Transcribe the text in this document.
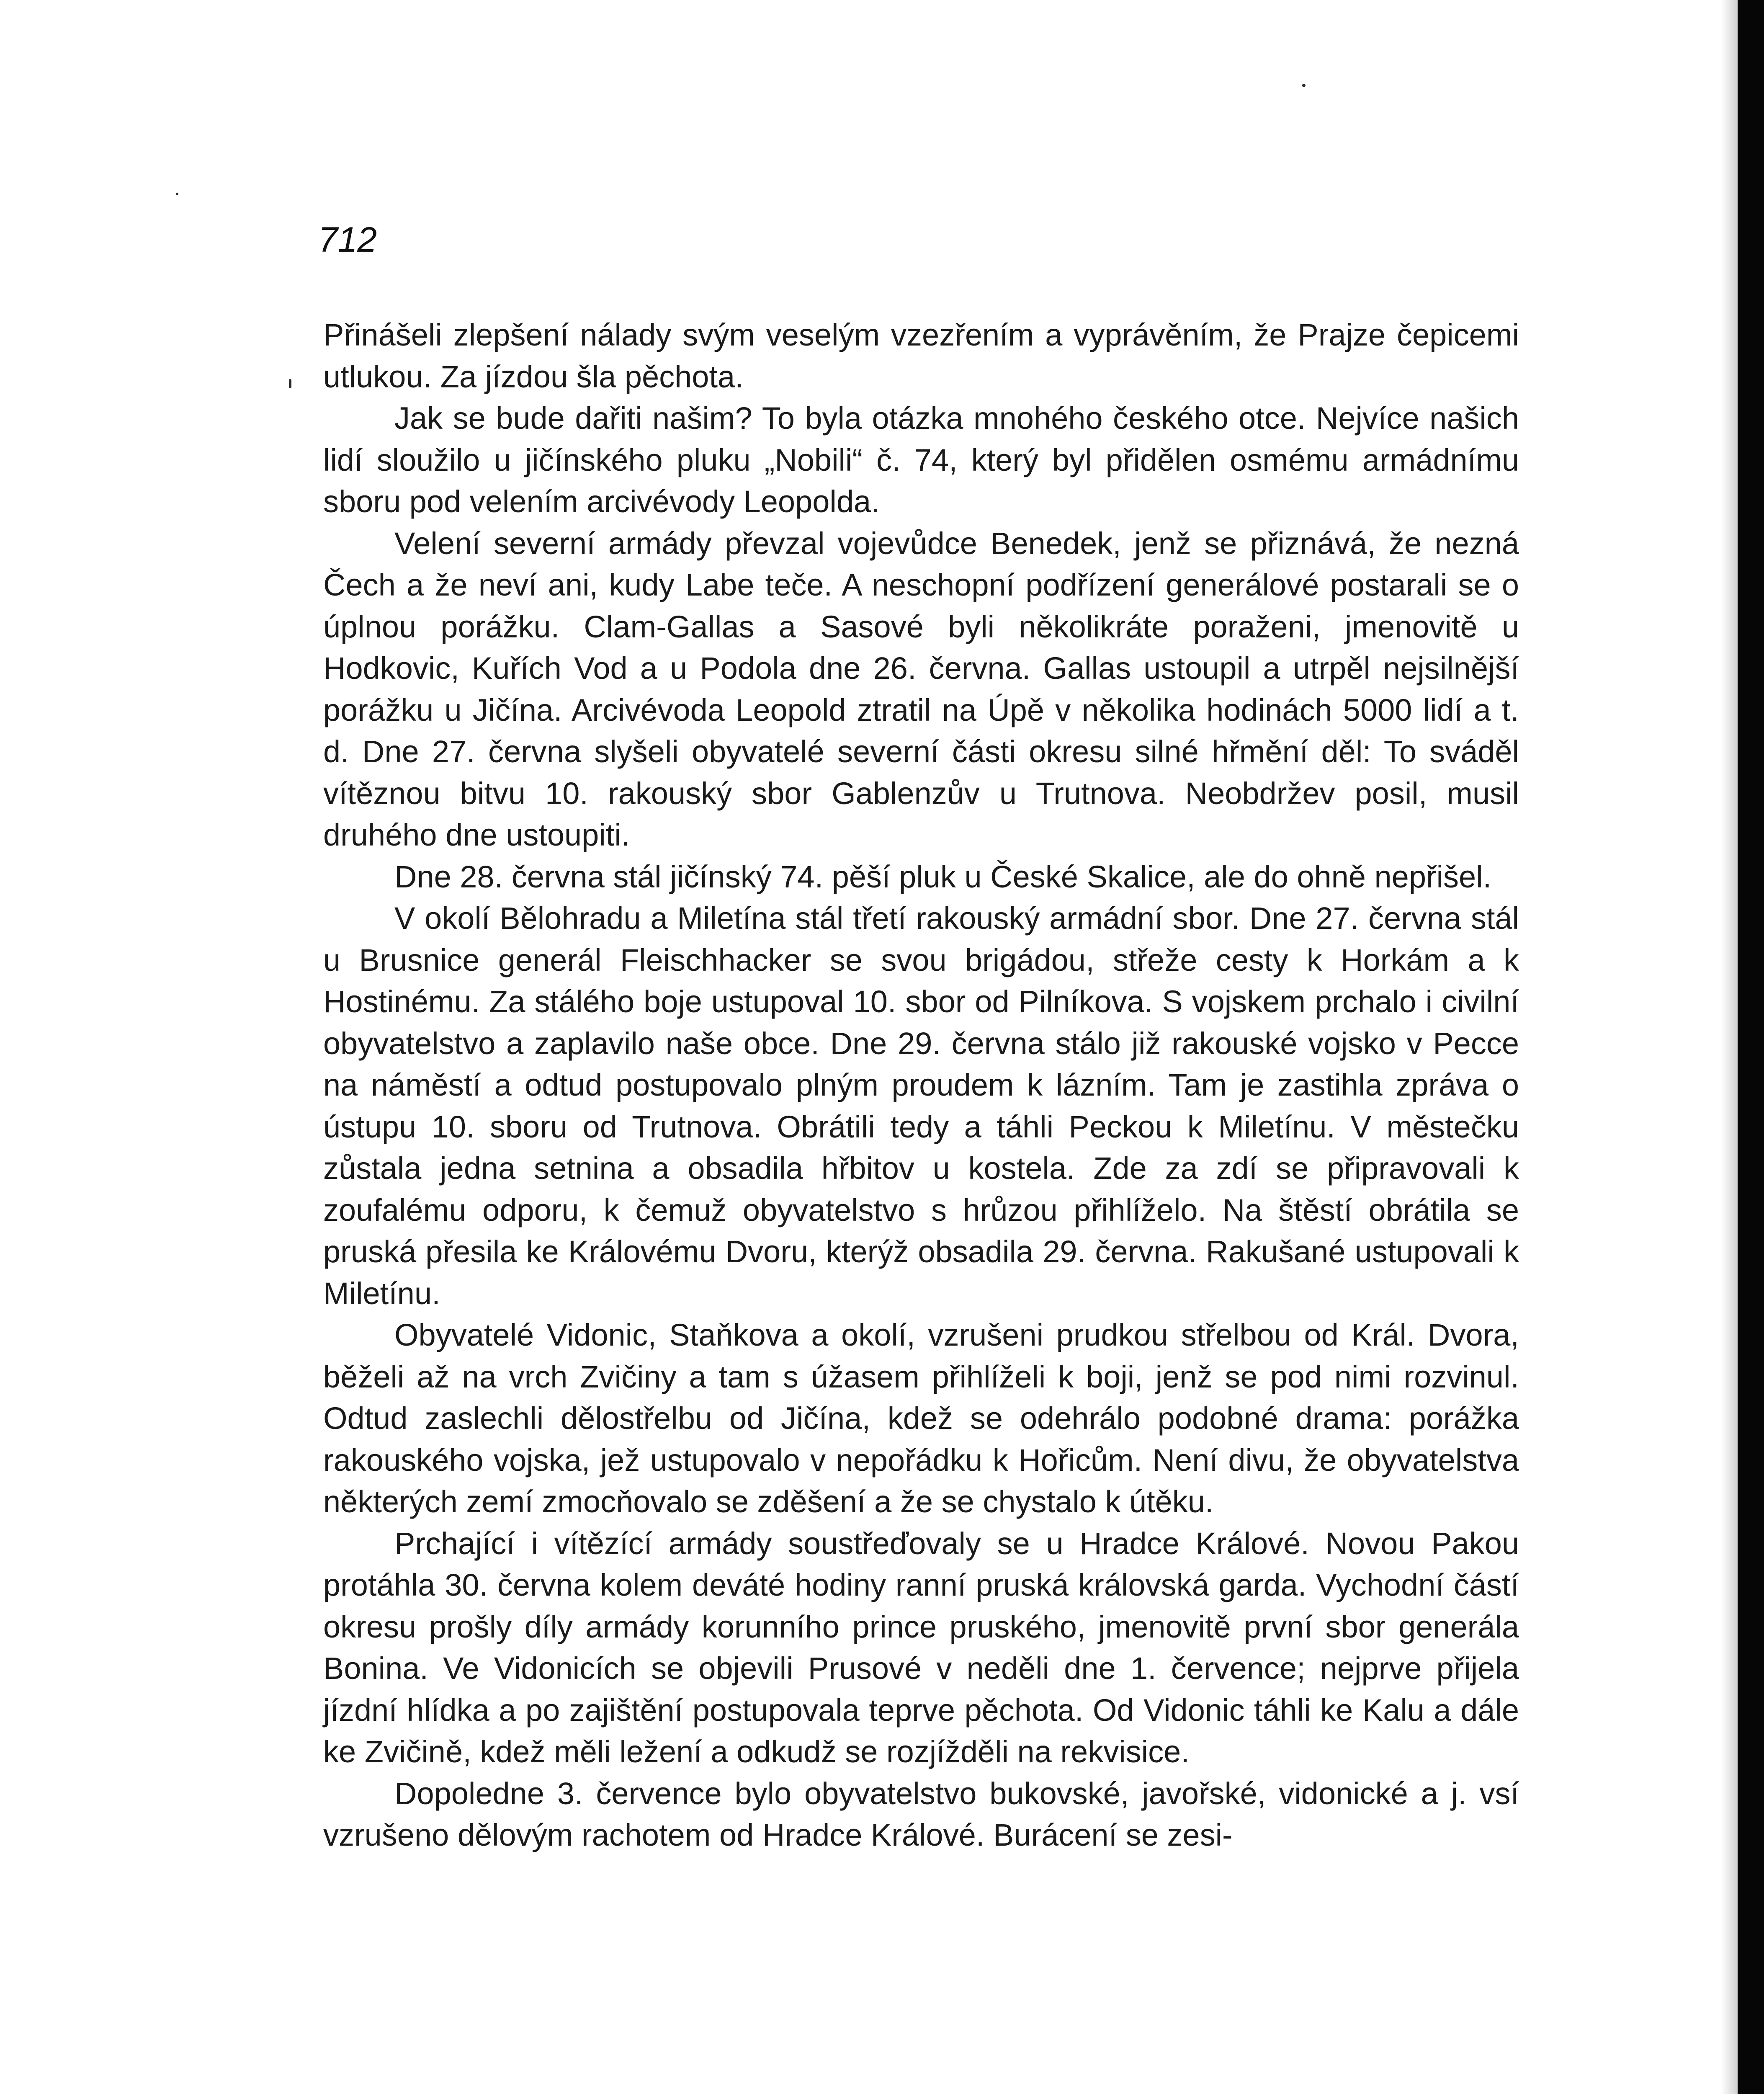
712

Přinášeli zlepšení nálady svým veselým vzezřením a vyprávěním, že Prajze čepicemi utlukou. Za jízdou šla pěchota.

Jak se bude dařiti našim? To byla otázka mnohého českého otce. Nejvíce našich lidí sloužilo u jičínského pluku „Nobili“ č. 74, který byl přidělen osmému armádnímu sboru pod velením arcivévody Leopolda.

Velení severní armády převzal vojevůdce Benedek, jenž se přiznává, že nezná Čech a že neví ani, kudy Labe teče. A neschopní podřízení generálové postarali se o úplnou porážku. Clam-Gallas a Sasové byli několikráte poraženi, jmenovitě u Hodkovic, Kuřích Vod a u Podola dne 26. června. Gallas ustoupil a utrpěl nejsilnější porážku u Jičína. Arcivévoda Leopold ztratil na Úpě v několika hodinách 5000 lidí a t. d. Dne 27. června slyšeli obyvatelé severní části okresu silné hřmění děl: To sváděl vítěznou bitvu 10. rakouský sbor Gablenzův u Trutnova. Neobdržev posil, musil druhého dne ustoupiti.

Dne 28. června stál jičínský 74. pěší pluk u České Skalice, ale do ohně nepřišel.

V okolí Bělohradu a Miletína stál třetí rakouský armádní sbor. Dne 27. června stál u Brusnice generál Fleischhacker se svou brigádou, střeže cesty k Horkám a k Hostinému. Za stálého boje ustupoval 10. sbor od Pilníkova. S vojskem prchalo i civilní obyvatelstvo a zaplavilo naše obce. Dne 29. června stálo již rakouské vojsko v Pecce na náměstí a odtud postupovalo plným proudem k lázním. Tam je zastihla zpráva o ústupu 10. sboru od Trutnova. Obrátili tedy a táhli Peckou k Miletínu. V městečku zůstala jedna setnina a obsadila hřbitov u kostela. Zde za zdí se připravovali k zoufalému odporu, k čemuž obyvatelstvo s hrůzou přihlíželo. Na štěstí obrátila se pruská přesila ke Královému Dvoru, kterýž obsadila 29. června. Rakušané ustupovali k Miletínu.

Obyvatelé Vidonic, Staňkova a okolí, vzrušeni prudkou střelbou od Král. Dvora, běželi až na vrch Zvičiny a tam s úžasem přihlíželi k boji, jenž se pod nimi rozvinul. Odtud zaslechli dělostřelbu od Jičína, kdež se odehrálo podobné drama: porážka rakouského vojska, jež ustupovalo v nepořádku k Hořicům. Není divu, že obyvatelstva některých zemí zmocňovalo se zděšení a že se chystalo k útěku.

Prchající i vítězící armády soustřeďovaly se u Hradce Králové. Novou Pakou protáhla 30. června kolem deváté hodiny ranní pruská královská garda. Vychodní částí okresu prošly díly armády korunního prince pruského, jmenovitě první sbor generála Bonina. Ve Vidonicích se objevili Prusové v neděli dne 1. července; nejprve přijela jízdní hlídka a po zajištění postupovala teprve pěchota. Od Vidonic táhli ke Kalu a dále ke Zvičině, kdež měli ležení a odkudž se rozjížděli na rekvisice.

Dopoledne 3. července bylo obyvatelstvo bukovské, javořské, vidonické a j. vsí vzrušeno dělovým rachotem od Hradce Králové. Burácení se zesi-
